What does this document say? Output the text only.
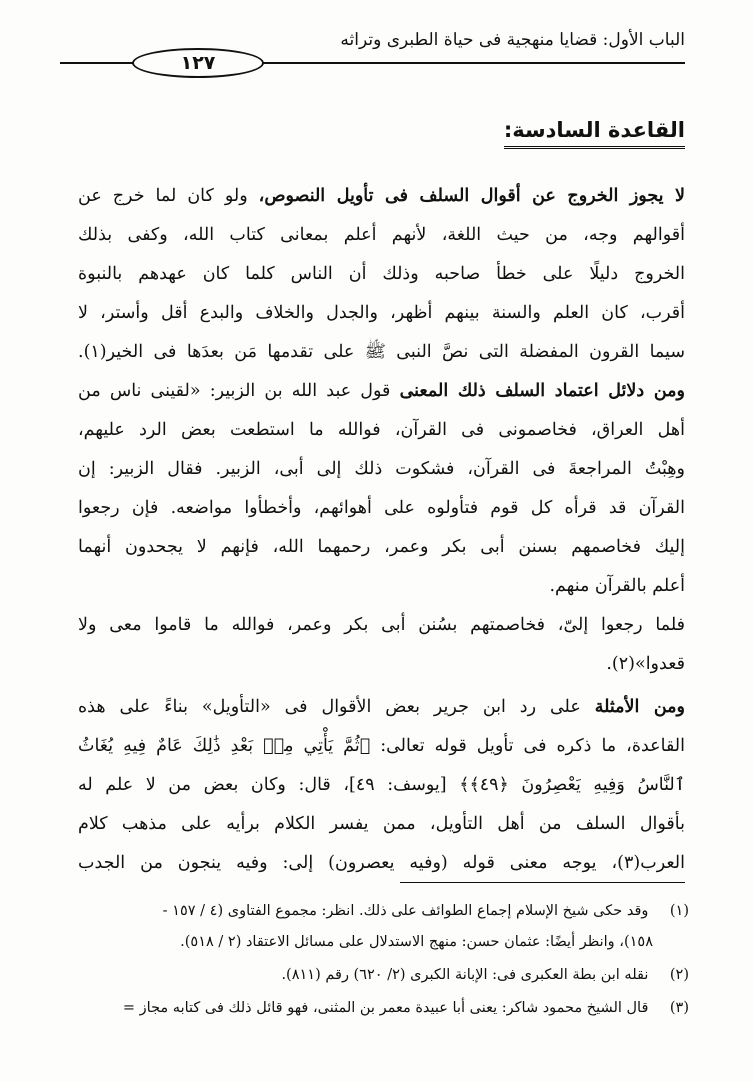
الباب الأول: قضايا منهجية فى حياة الطبرى وتراثه
١٢٧
القاعدة السادسة:
لا يجوز الخروج عن أقوال السلف فى تأويل النصوص، ولو كان لما خرج عن
أقوالهم وجه، من حيث اللغة، لأنهم أعلم بمعانى كتاب الله، وكفى بذلك
الخروج دليلًا على خطأ صاحبه وذلك أن الناس كلما كان عهدهم بالنبوة
أقرب، كان العلم والسنة بينهم أظهر، والجدل والخلاف والبدع أقل وأستر، لا
سيما القرون المفضلة التى نصَّ النبى ﷺ على تقدمها مَن بعدَها فى الخير(١).
ومن دلائل اعتماد السلف ذلك المعنى قول عبد الله بن الزبير: «لقينى ناس من
أهل العراق، فخاصمونى فى القرآن، فوالله ما استطعت بعض الرد عليهم،
وهِبْتُ المراجعةَ فى القرآن، فشكوت ذلك إلى أبى، الزبير. فقال الزبير: إن
القرآن قد قرأه كل قوم فتأولوه على أهوائهم، وأخطأوا مواضعه. فإن رجعوا
إليك فخاصمهم بسنن أبى بكر وعمر، رحمهما الله، فإنهم لا يجحدون أنهما
أعلم بالقرآن منهم.
فلما رجعوا إلىّ، فخاصمتهم بسُنن أبى بكر وعمر، فوالله ما قاموا معى ولا
قعدوا»(٢).
ومن الأمثلة على رد ابن جرير بعض الأقوال فى «التأويل» بناءً على هذه
القاعدة، ما ذكره فى تأويل قوله تعالى: ﴿ثُمَّ يَأْتِي مِنۢ بَعْدِ ذَٰلِكَ عَامٌ فِيهِ يُغَاثُ
ٱلنَّاسُ وَفِيهِ يَعْصِرُونَ ﴿٤٩﴾﴾ [يوسف: ٤٩]، قال: وكان بعض من لا علم له
بأقوال السلف من أهل التأويل، ممن يفسر الكلام برأيه على مذهب كلام
العرب(٣)، يوجه معنى قوله (وفيه يعصرون) إلى: وفيه ينجون من الجدب
(١) وقد حكى شيخ الإسلام إجماع الطوائف على ذلك. انظر: مجموع الفتاوى (٤ / ١٥٧ -
١٥٨)، وانظر أيضًا: عثمان حسن: منهج الاستدلال على مسائل الاعتقاد (٢ / ٥١٨).
(٢) نقله ابن بطة العكبرى فى: الإبانة الكبرى (٢/ ٦٢٠) رقم (٨١١).
(٣) قال الشيخ محمود شاكر: يعنى أبا عبيدة معمر بن المثنى، فهو قائل ذلك فى كتابه مجاز =
